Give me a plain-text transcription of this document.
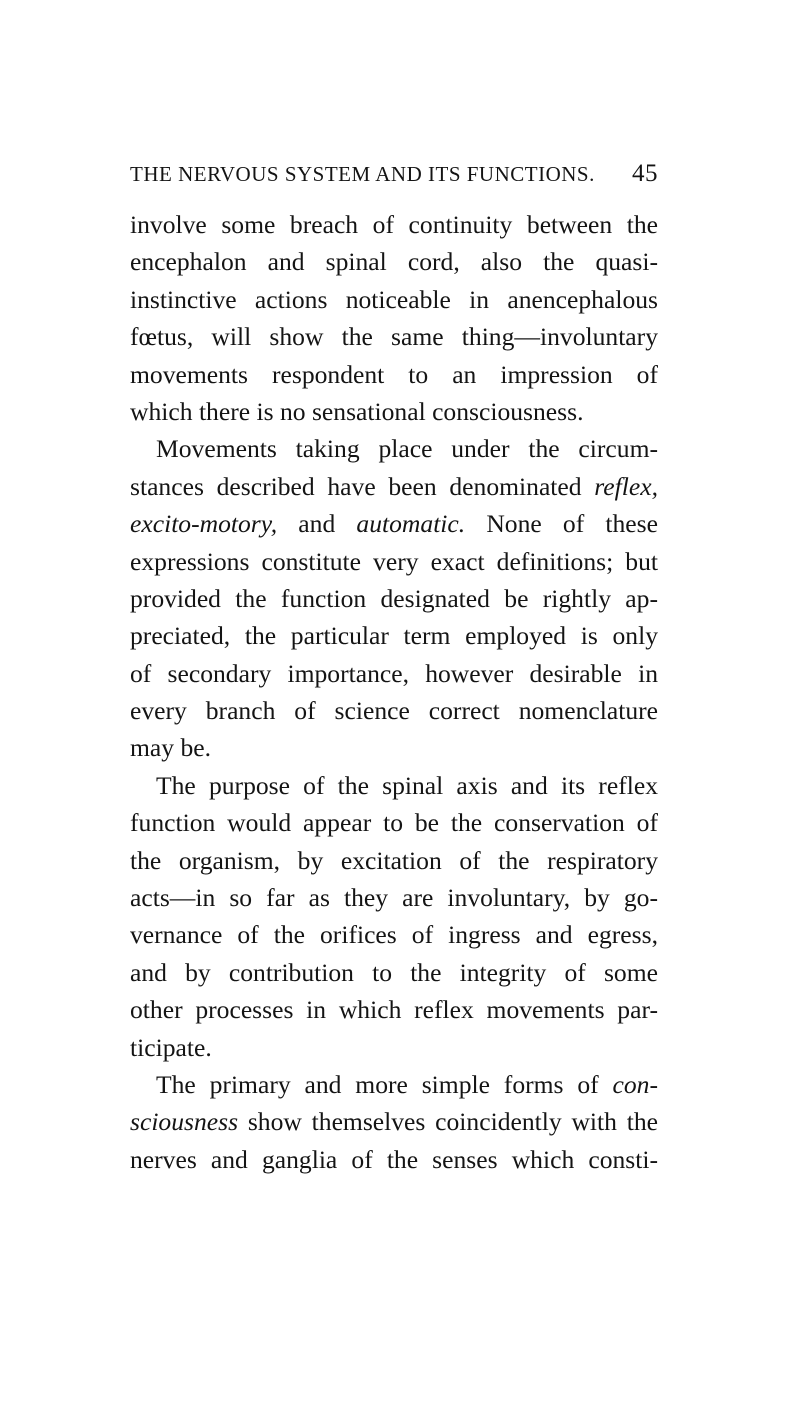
THE NERVOUS SYSTEM AND ITS FUNCTIONS. 45
involve some breach of continuity between the
encephalon and spinal cord, also the quasi-
instinctive actions noticeable in anencephalous
fœtus, will show the same thing—involuntary
movements respondent to an impression of
which there is no sensational consciousness.
Movements taking place under the circum-
stances described have been denominated reflex,
excito-motory, and automatic. None of these
expressions constitute very exact definitions; but
provided the function designated be rightly ap-
preciated, the particular term employed is only
of secondary importance, however desirable in
every branch of science correct nomenclature
may be.
The purpose of the spinal axis and its reflex
function would appear to be the conservation of
the organism, by excitation of the respiratory
acts—in so far as they are involuntary, by go-
vernance of the orifices of ingress and egress,
and by contribution to the integrity of some
other processes in which reflex movements par-
ticipate.
The primary and more simple forms of con-
sciousness show themselves coincidently with the
nerves and ganglia of the senses which consti-
